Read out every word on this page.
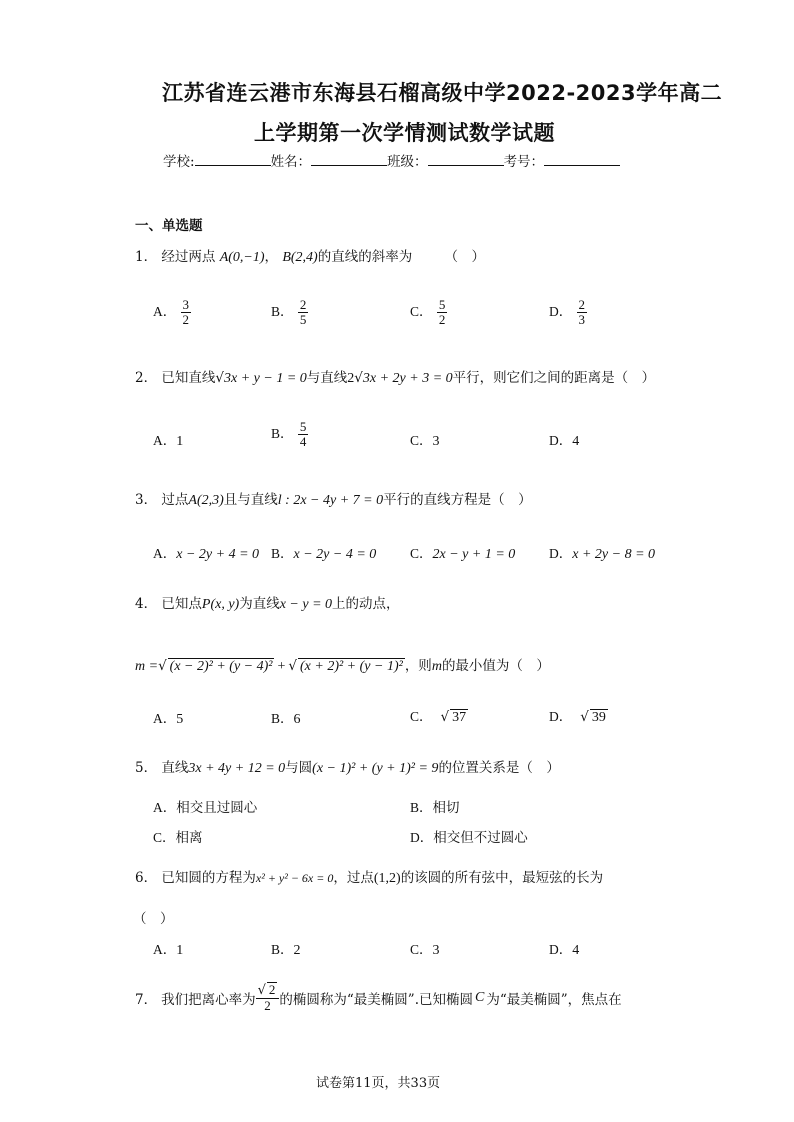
江苏省连云港市东海县石榴高级中学2022-2023学年高二
上学期第一次学情测试数学试题
学校:	姓名：	班级：	考号：
一、单选题
1． 经过两点 A(0,−1)， B(2,4)的直线的斜率为 （　）
A． $\frac{3}{2}$	B． $\frac{2}{5}$	C． $\frac{5}{2}$	D． $\frac{2}{3}$
2． 已知直线√3x + y − 1 = 0与直线2√3x + 2y + 3 = 0平行，则它们之间的距离是（　）
A．1
B． $\frac{5}{4}$	C．3	D．4
3． 过点A(2,3)且与直线l : 2x − 4y + 7 = 0平行的直线方程是（　）
A．x − 2y + 4 = 0 B．x − 2y − 4 = 0 C．2x − y + 1 = 0 D．x + 2y − 8 = 0
4． 已知点P(x, y)为直线x − y = 0上的动点，
m =√ (x − 2)² + (y − 4)² + √ (x + 2)² + (y − 1)² ，则m的最小值为（　）
A．5	B．6	C． √ 37	D． √ 39
5． 直线3x + 4y + 12 = 0与圆(x − 1)² + (y + 1)² = 9的位置关系是（　）
A．相交且过圆心	B．相切
C．相离	D．相交但不过圆心
6． 已知圆的方程为x² + y² − 6x = 0，过点(1,2)的该圆的所有弦中，最短弦的长为
（　）
A．1	B．2	C．3	D．4
7． 我们把离心率为 $\frac{√ 2}{2}$ 的椭圆称为“最美椭圆”.已知椭圆 C 为“最美椭圆”，焦点在
试卷第11页，共33页
